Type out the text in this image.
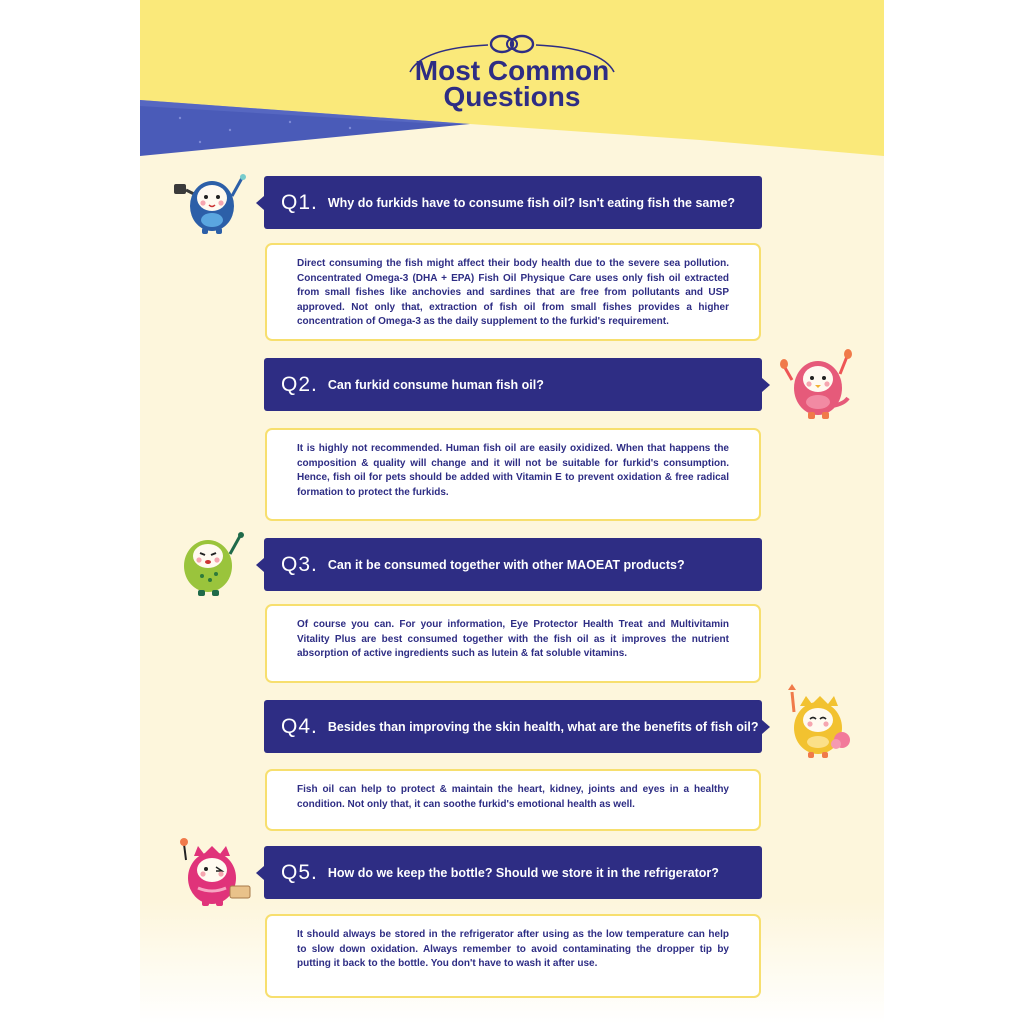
Most Common
Questions
Q1. Why do furkids have to consume fish oil? Isn't eating fish the same?
Direct consuming the fish might affect their body health due to the severe sea pollution. Concentrated Omega-3 (DHA + EPA) Fish Oil Physique Care uses only fish oil extracted from small fishes like anchovies and sardines that are free from pollutants and USP approved. Not only that, extraction of fish oil from small fishes provides a higher concentration of Omega-3 as the daily supplement to the furkid's requirement.
Q2. Can furkid consume human fish oil?
It is highly not recommended. Human fish oil are easily oxidized. When that happens the composition & quality will change and it will not be suitable for furkid's consumption. Hence, fish oil for pets should be added with Vitamin E to prevent oxidation & free radical formation to protect the furkids.
Q3. Can it be consumed together with other MAOEAT products?
Of course you can. For your information, Eye Protector Health Treat and Multivitamin Vitality Plus are best consumed together with the fish oil as it improves the nutrient absorption of active ingredients such as lutein & fat soluble vitamins.
Q4. Besides than improving the skin health, what are the benefits of fish oil?
Fish oil can help to protect & maintain the heart, kidney, joints and eyes in a healthy condition. Not only that, it can soothe furkid's emotional health as well.
Q5. How do we keep the bottle? Should we store it in the refrigerator?
It should always be stored in the refrigerator after using as the low temperature can help to slow down oxidation. Always remember to avoid contaminating the dropper tip by putting it back to the bottle. You don't have to wash it after use.
